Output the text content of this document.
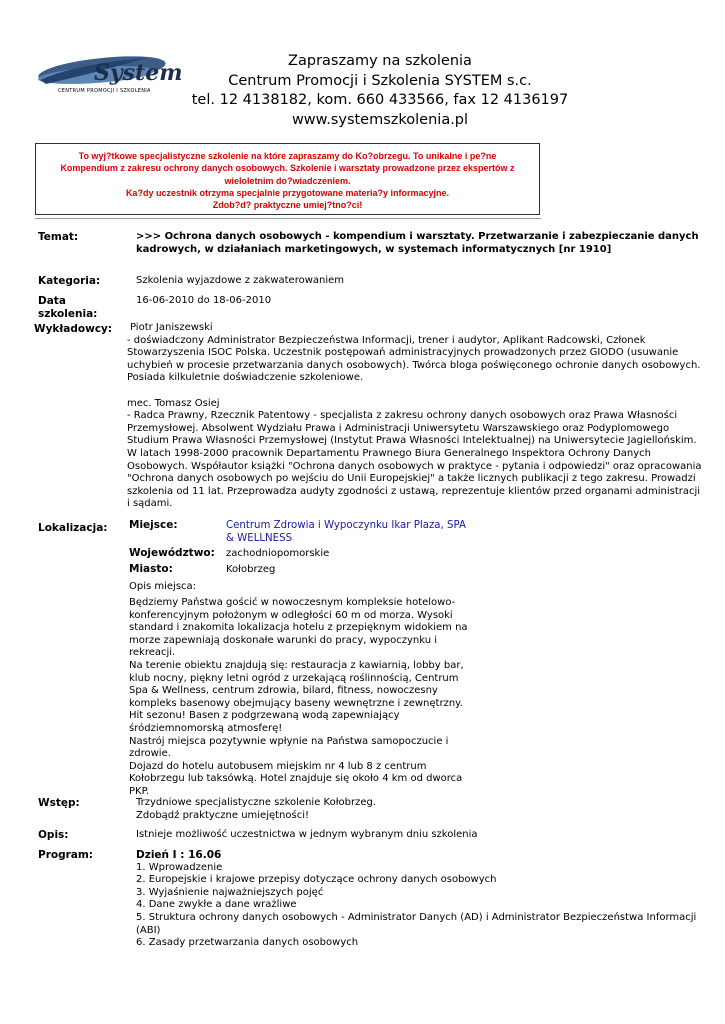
System
CENTRUM PROMOCJI I SZKOLENIA
Zapraszamy na szkolenia
Centrum Promocji i Szkolenia SYSTEM s.c.
tel. 12 4138182, kom. 660 433566, fax 12 4136197
www.systemszkolenia.pl
To wyj?tkowe specjalistyczne szkolenie na które zapraszamy do Ko?obrzegu. To unikalne i pe?ne
Kompendium z zakresu ochrony danych osobowych. Szkolenie i warsztaty prowadzone przez ekspertów z
wieloletnim do?wiadczeniem.
Ka?dy uczestnik otrzyma specjalnie przygotowane materia?y informacyjne.
Zdob?d? praktyczne umiej?tno?ci!
Temat:	>>> Ochrona danych osobowych - kompendium i warsztaty. Przetwarzanie i zabezpieczanie danych
kadrowych, w działaniach marketingowych, w systemach informatycznych [nr 1910]
Kategoria:	Szkolenia wyjazdowe z zakwaterowaniem
Data
szkolenia:
16-06-2010 do 18-06-2010
Wykładowcy:	Piotr Janiszewski
- doświadczony Administrator Bezpieczeństwa Informacji, trener i audytor, Aplikant Radcowski, Członek
Stowarzyszenia ISOC Polska. Uczestnik postępowań administracyjnych prowadzonych przez GIODO (usuwanie
uchybień w procesie przetwarzania danych osobowych). Twórca bloga poświęconego ochronie danych osobowych.
Posiada kilkuletnie doświadczenie szkoleniowe.
mec. Tomasz Osiej
- Radca Prawny, Rzecznik Patentowy - specjalista z zakresu ochrony danych osobowych oraz Prawa Własności
Przemysłowej. Absolwent Wydziału Prawa i Administracji Uniwersytetu Warszawskiego oraz Podyplomowego
Studium Prawa Własności Przemysłowej (Instytut Prawa Własności Intelektualnej) na Uniwersytecie Jagiellońskim.
W latach 1998-2000 pracownik Departamentu Prawnego Biura Generalnego Inspektora Ochrony Danych
Osobowych. Współautor książki "Ochrona danych osobowych w praktyce - pytania i odpowiedzi" oraz opracowania
"Ochrona danych osobowych po wejściu do Unii Europejskiej" a także licznych publikacji z tego zakresu. Prowadzi
szkolenia od 11 lat. Przeprowadza audyty zgodności z ustawą, reprezentuje klientów przed organami administracji
i sądami.
Lokalizacja: Miejsce:	Centrum Zdrowia i Wypoczynku Ikar Plaza, SPA
& WELLNESS
Województwo: zachodniopomorskie
Miasto:	Kołobrzeg
Opis miejsca:
Będziemy Państwa gościć w nowoczesnym kompleksie hotelowo-
konferencyjnym położonym w odległości 60 m od morza. Wysoki
standard i znakomita lokalizacja hotelu z przepięknym widokiem na
morze zapewniają doskonałe warunki do pracy, wypoczynku i
rekreacji.
Na terenie obiektu znajdują się: restauracja z kawiarnią, lobby bar,
klub nocny, piękny letni ogród z urzekającą roślinnością, Centrum
Spa & Wellness, centrum zdrowia, bilard, fitness, nowoczesny
kompleks basenowy obejmujący baseny wewnętrzne i zewnętrzny.
Hit sezonu! Basen z podgrzewaną wodą zapewniający
śródziemnomorską atmosferę!
Nastrój miejsca pozytywnie wpłynie na Państwa samopoczucie i
zdrowie.
Dojazd do hotelu autobusem miejskim nr 4 lub 8 z centrum
Kołobrzegu lub taksówką. Hotel znajduje się około 4 km od dworca
PKP.
Wstęp:	Trzydniowe specjalistyczne szkolenie Kołobrzeg.
Zdobądź praktyczne umiejętności!
Opis:	Istnieje możliwość uczestnictwa w jednym wybranym dniu szkolenia
Program:	Dzień I : 16.06
1. Wprowadzenie
2. Europejskie i krajowe przepisy dotyczące ochrony danych osobowych
3. Wyjaśnienie najważniejszych pojęć
4. Dane zwykłe a dane wrażliwe
5. Struktura ochrony danych osobowych - Administrator Danych (AD) i Administrator Bezpieczeństwa Informacji
(ABI)
6. Zasady przetwarzania danych osobowych
